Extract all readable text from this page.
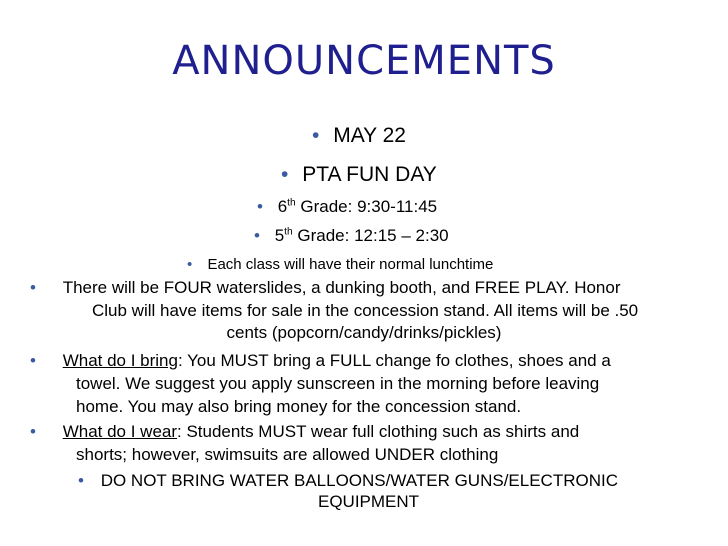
ANNOUNCEMENTS
• MAY 22
• PTA FUN DAY
• 6th Grade: 9:30-11:45
• 5th Grade: 12:15 – 2:30
• Each class will have their normal lunchtime
• There will be FOUR waterslides, a dunking booth, and FREE PLAY. Honor
Club will have items for sale in the concession stand. All items will be .50
cents (popcorn/candy/drinks/pickles)
• What do I bring: You MUST bring a FULL change fo clothes, shoes and a
towel. We suggest you apply sunscreen in the morning before leaving
home. You may also bring money for the concession stand.
• What do I wear: Students MUST wear full clothing such as shirts and
shorts; however, swimsuits are allowed UNDER clothing
• DO NOT BRING WATER BALLOONS/WATER GUNS/ELECTRONIC
EQUIPMENT
